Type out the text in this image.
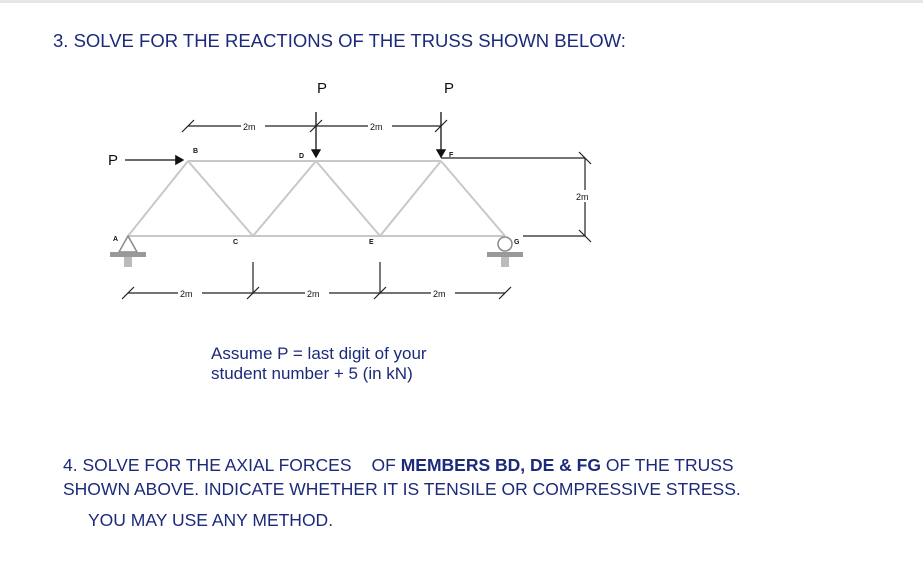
3. SOLVE FOR THE REACTIONS OF THE TRUSS SHOWN BELOW:
P	P
P
A
B
C
D
E
F
G
2m	2m
2m	2m	2m
2m
Assume P = last digit of your
student number + 5 (in kN)
4. SOLVE FOR THE AXIAL FORCES OF MEMBERS BD, DE & FG OF THE TRUSS
SHOWN ABOVE. INDICATE WHETHER IT IS TENSILE OR COMPRESSIVE STRESS.
YOU MAY USE ANY METHOD.
